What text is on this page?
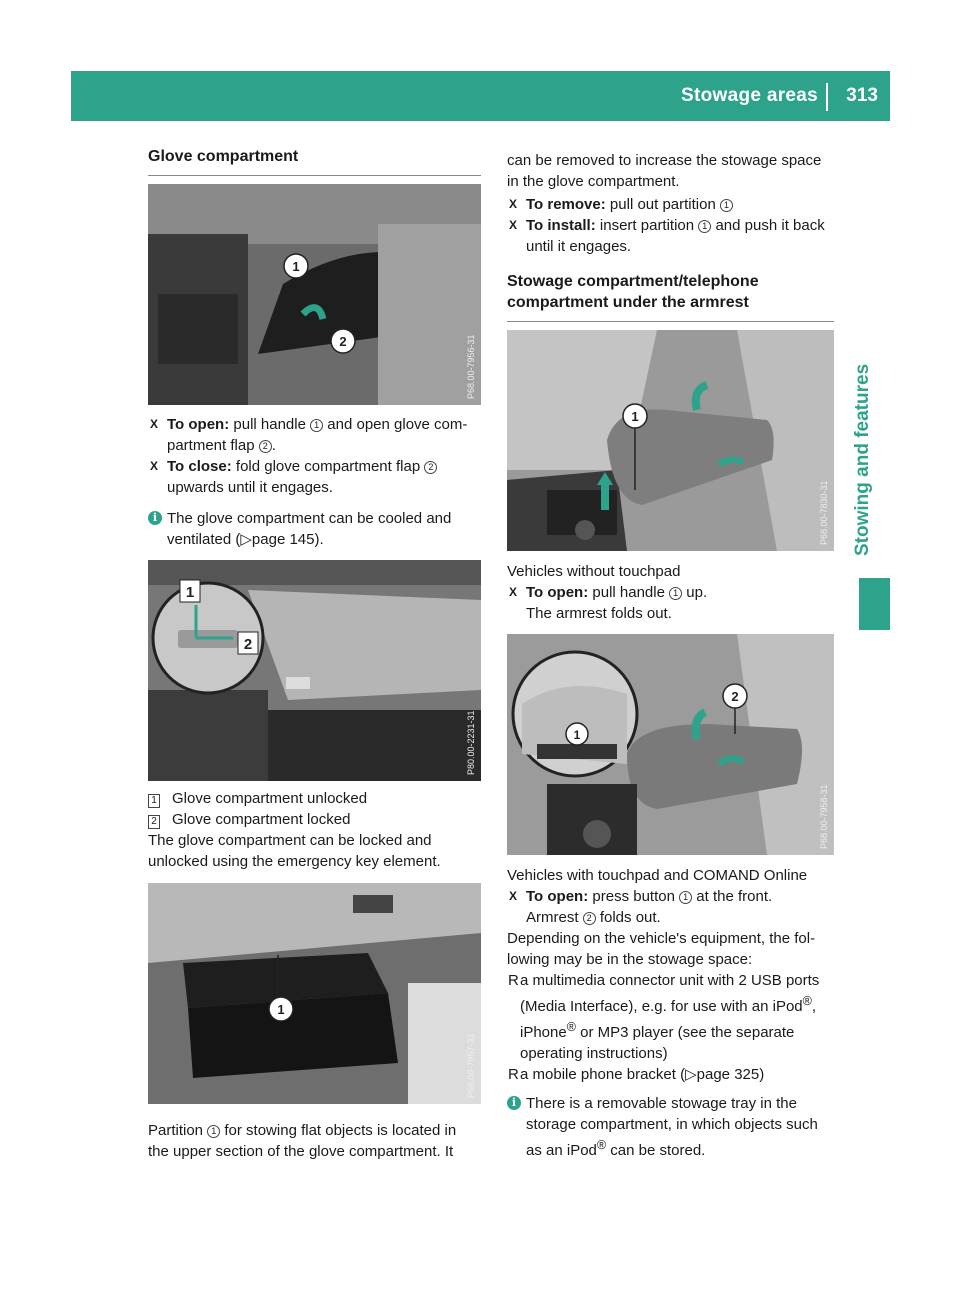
Stowage areas 313
Stowing and features
Glove compartment
1
2	P68.00-7956-31

X To open: pull handle 1 and open glove com-partment flap 2 .

X To close: fold glove compartment flap 2 upwards until it engages.

i The glove compartment can be cooled and ventilated (▷page 145).

1
2
P80.00-2231-31

1 Glove compartment unlocked

2 Glove compartment locked

The glove compartment can be locked and unlocked using the emergency key element.

1
P68.00-7957-31

Partition 1 for stowing flat objects is located in the upper section of the glove compartment. It

can be removed to increase the stowage space in the glove compartment.

X To remove: pull out partition 1

X To install: insert partition 1 and push it back until it engages.

Stowage compartment/telephone compartment under the armrest
1
P68.00-7830-31

Vehicles without touchpad

X To open: pull handle 1 up.
The armrest folds out.

1
2
P68.00-7958-31

Vehicles with touchpad and COMAND Online

X To open: press button 1 at the front.
Armrest 2 folds out.

Depending on the vehicle's equipment, the fol-lowing may be in the stowage space:

R a multimedia connector unit with 2 USB ports (Media Interface), e.g. for use with an iPod®, iPhone® or MP3 player (see the separate operating instructions)

R a mobile phone bracket (▷page 325)

i There is a removable stowage tray in the storage compartment, in which objects such as an iPod® can be stored.
